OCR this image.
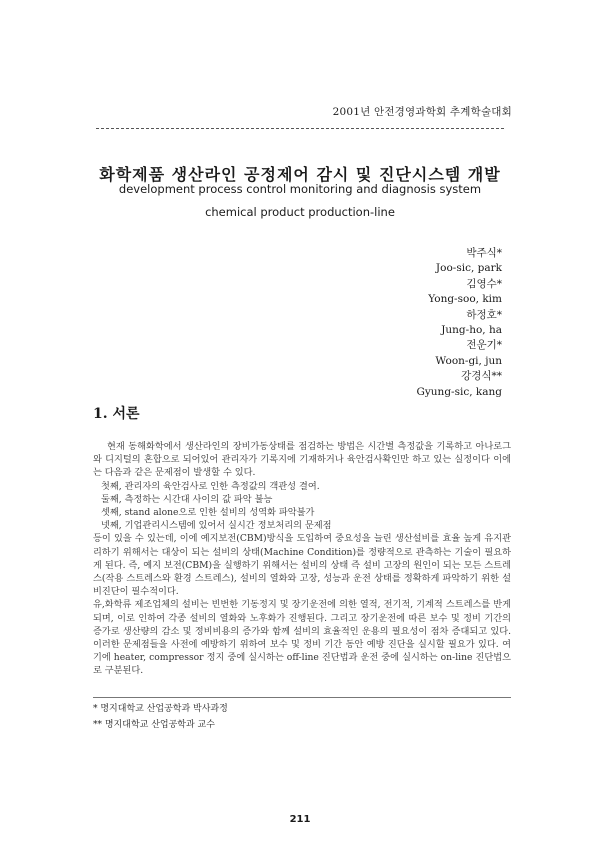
2001년 안전경영과학회 추계학술대회
화학제품 생산라인 공정제어 감시 및 진단시스템 개발
development process control monitoring and diagnosis system
chemical product production-line
박주식*
Joo-sic, park
김영수*
Yong-soo, kim
하정호*
Jung-ho, ha
전운기*
Woon-gi, jun
강경식**
Gyung-sic, kang
1. 서론

현재 동해화학에서 생산라인의 장비가동상태를 점검하는 방법은 시간별 측정값을 기록하고 아나로그와 디지털의 혼합으로 되어있어 관리자가 기록지에 기재하거나 육안검사확인만 하고 있는 실정이다 이에는 다음과 같은 문제점이 발생할 수 있다.

첫째, 관리자의 육안검사로 인한 측정값의 객관성 결여.

둘째, 측정하는 시간대 사이의 값 파악 불능

셋째, stand alone으로 인한 설비의 성역화 파악불가

넷째, 기업관리시스템에 있어서 실시간 정보처리의 문제점

등이 있을 수 있는데, 이에 예지보전(CBM)방식을 도입하여 중요성을 늘린 생산설비를 효율 높게 유지관리하기 위해서는 대상이 되는 설비의 상태(Machine Condition)를 정량적으로 관측하는 기술이 필요하게 된다. 즉, 예지 보전(CBM)을 실행하기 위해서는 설비의 상태 즉 설비 고장의 원인이 되는 모든 스트레스(작용 스트레스와 환경 스트레스), 설비의 열화와 고장, 성능과 운전 상태를 정확하게 파악하기 위한 설비진단이 필수적이다.

유,화학류 제조업체의 설비는 빈번한 기동정지 및 장기운전에 의한 열적, 전기적, 기계적 스트레스를 반게 되며, 이로 인하여 각종 설비의 열화와 노후화가 진행된다. 그리고 장기운전에 따른 보수 및 정비 기간의 증가로 생산량의 감소 및 정비비용의 증가와 함께 설비의 효율적인 운용의 필요성이 점차 증대되고 있다. 이러한 문제점들을 사전에 예방하기 위하여 보수 및 정비 기간 동안 예방 진단을 실시할 필요가 있다. 여기에 heater, compressor 정지 중에 실시하는 off-line 진단법과 운전 중에 실시하는 on-line 진단법으로 구분된다.

* 명지대학교 산업공학과 박사과정
** 명지대학교 산업공학과 교수
211
